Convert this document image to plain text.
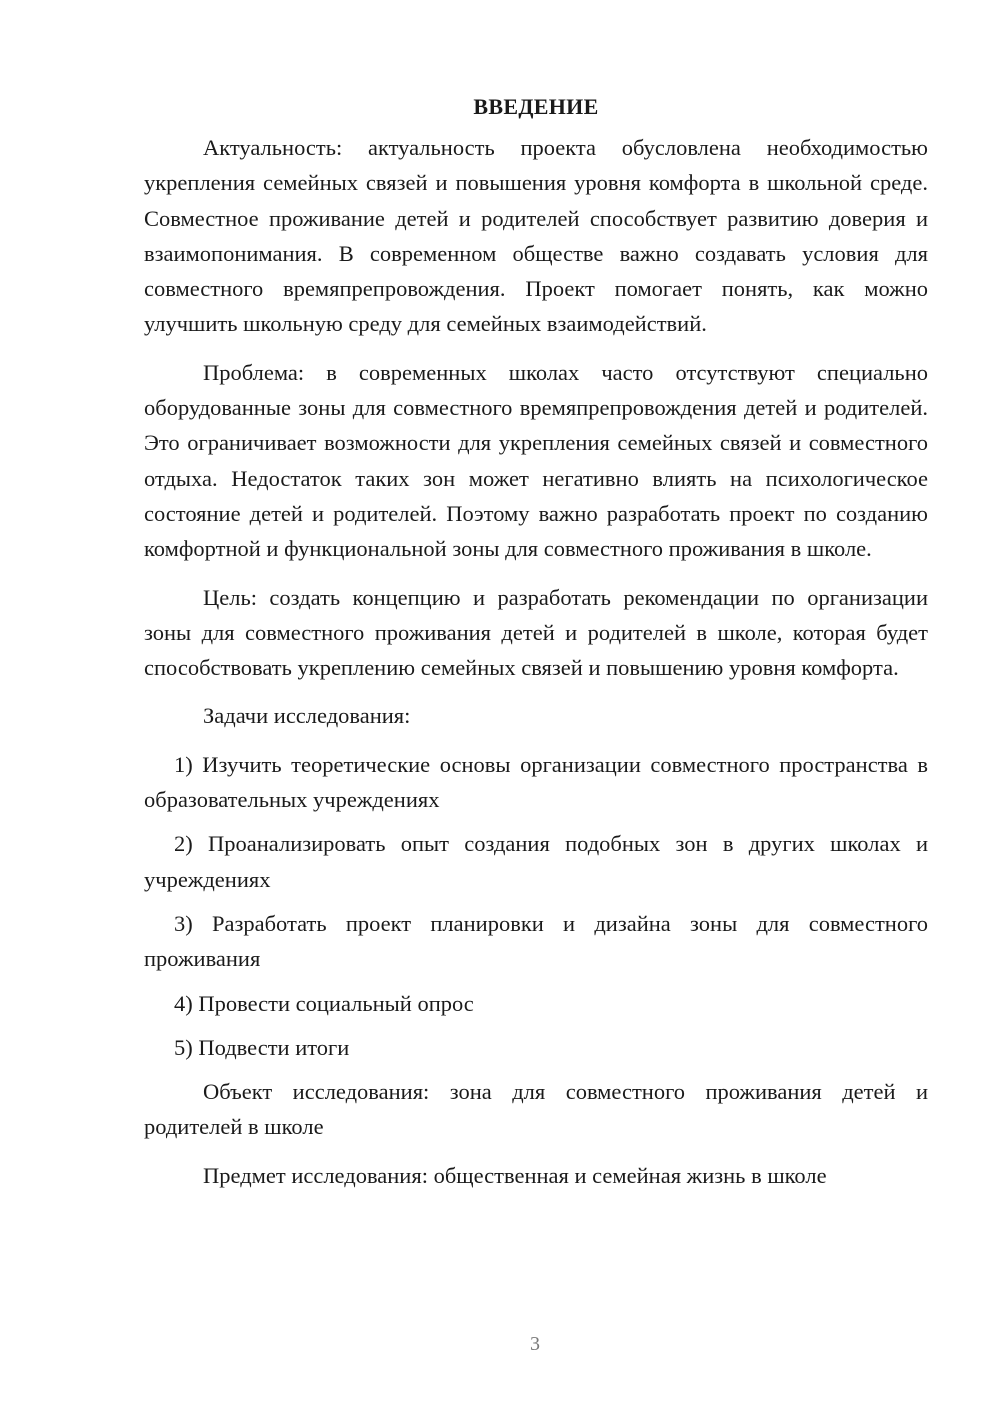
ВВЕДЕНИЕ

Актуальность: актуальность проекта обусловлена необходимостью укрепления семейных связей и повышения уровня комфорта в школьной среде. Совместное проживание детей и родителей способствует развитию доверия и взаимопонимания. В современном обществе важно создавать условия для совместного времяпрепровождения. Проект помогает понять, как можно улучшить школьную среду для семейных взаимодействий.

Проблема: в современных школах часто отсутствуют специально оборудованные зоны для совместного времяпрепровождения детей и родителей. Это ограничивает возможности для укрепления семейных связей и совместного отдыха. Недостаток таких зон может негативно влиять на психологическое состояние детей и родителей. Поэтому важно разработать проект по созданию комфортной и функциональной зоны для совместного проживания в школе.

Цель: создать концепцию и разработать рекомендации по организации зоны для совместного проживания детей и родителей в школе, которая будет способствовать укреплению семейных связей и повышению уровня комфорта.

Задачи исследования:

1) Изучить теоретические основы организации совместного пространства в образовательных учреждениях

2) Проанализировать опыт создания подобных зон в других школах и учреждениях

3) Разработать проект планировки и дизайна зоны для совместного проживания

4) Провести социальный опрос

5) Подвести итоги

Объект исследования: зона для совместного проживания детей и родителей в школе

Предмет исследования: общественная и семейная жизнь в школе

3
